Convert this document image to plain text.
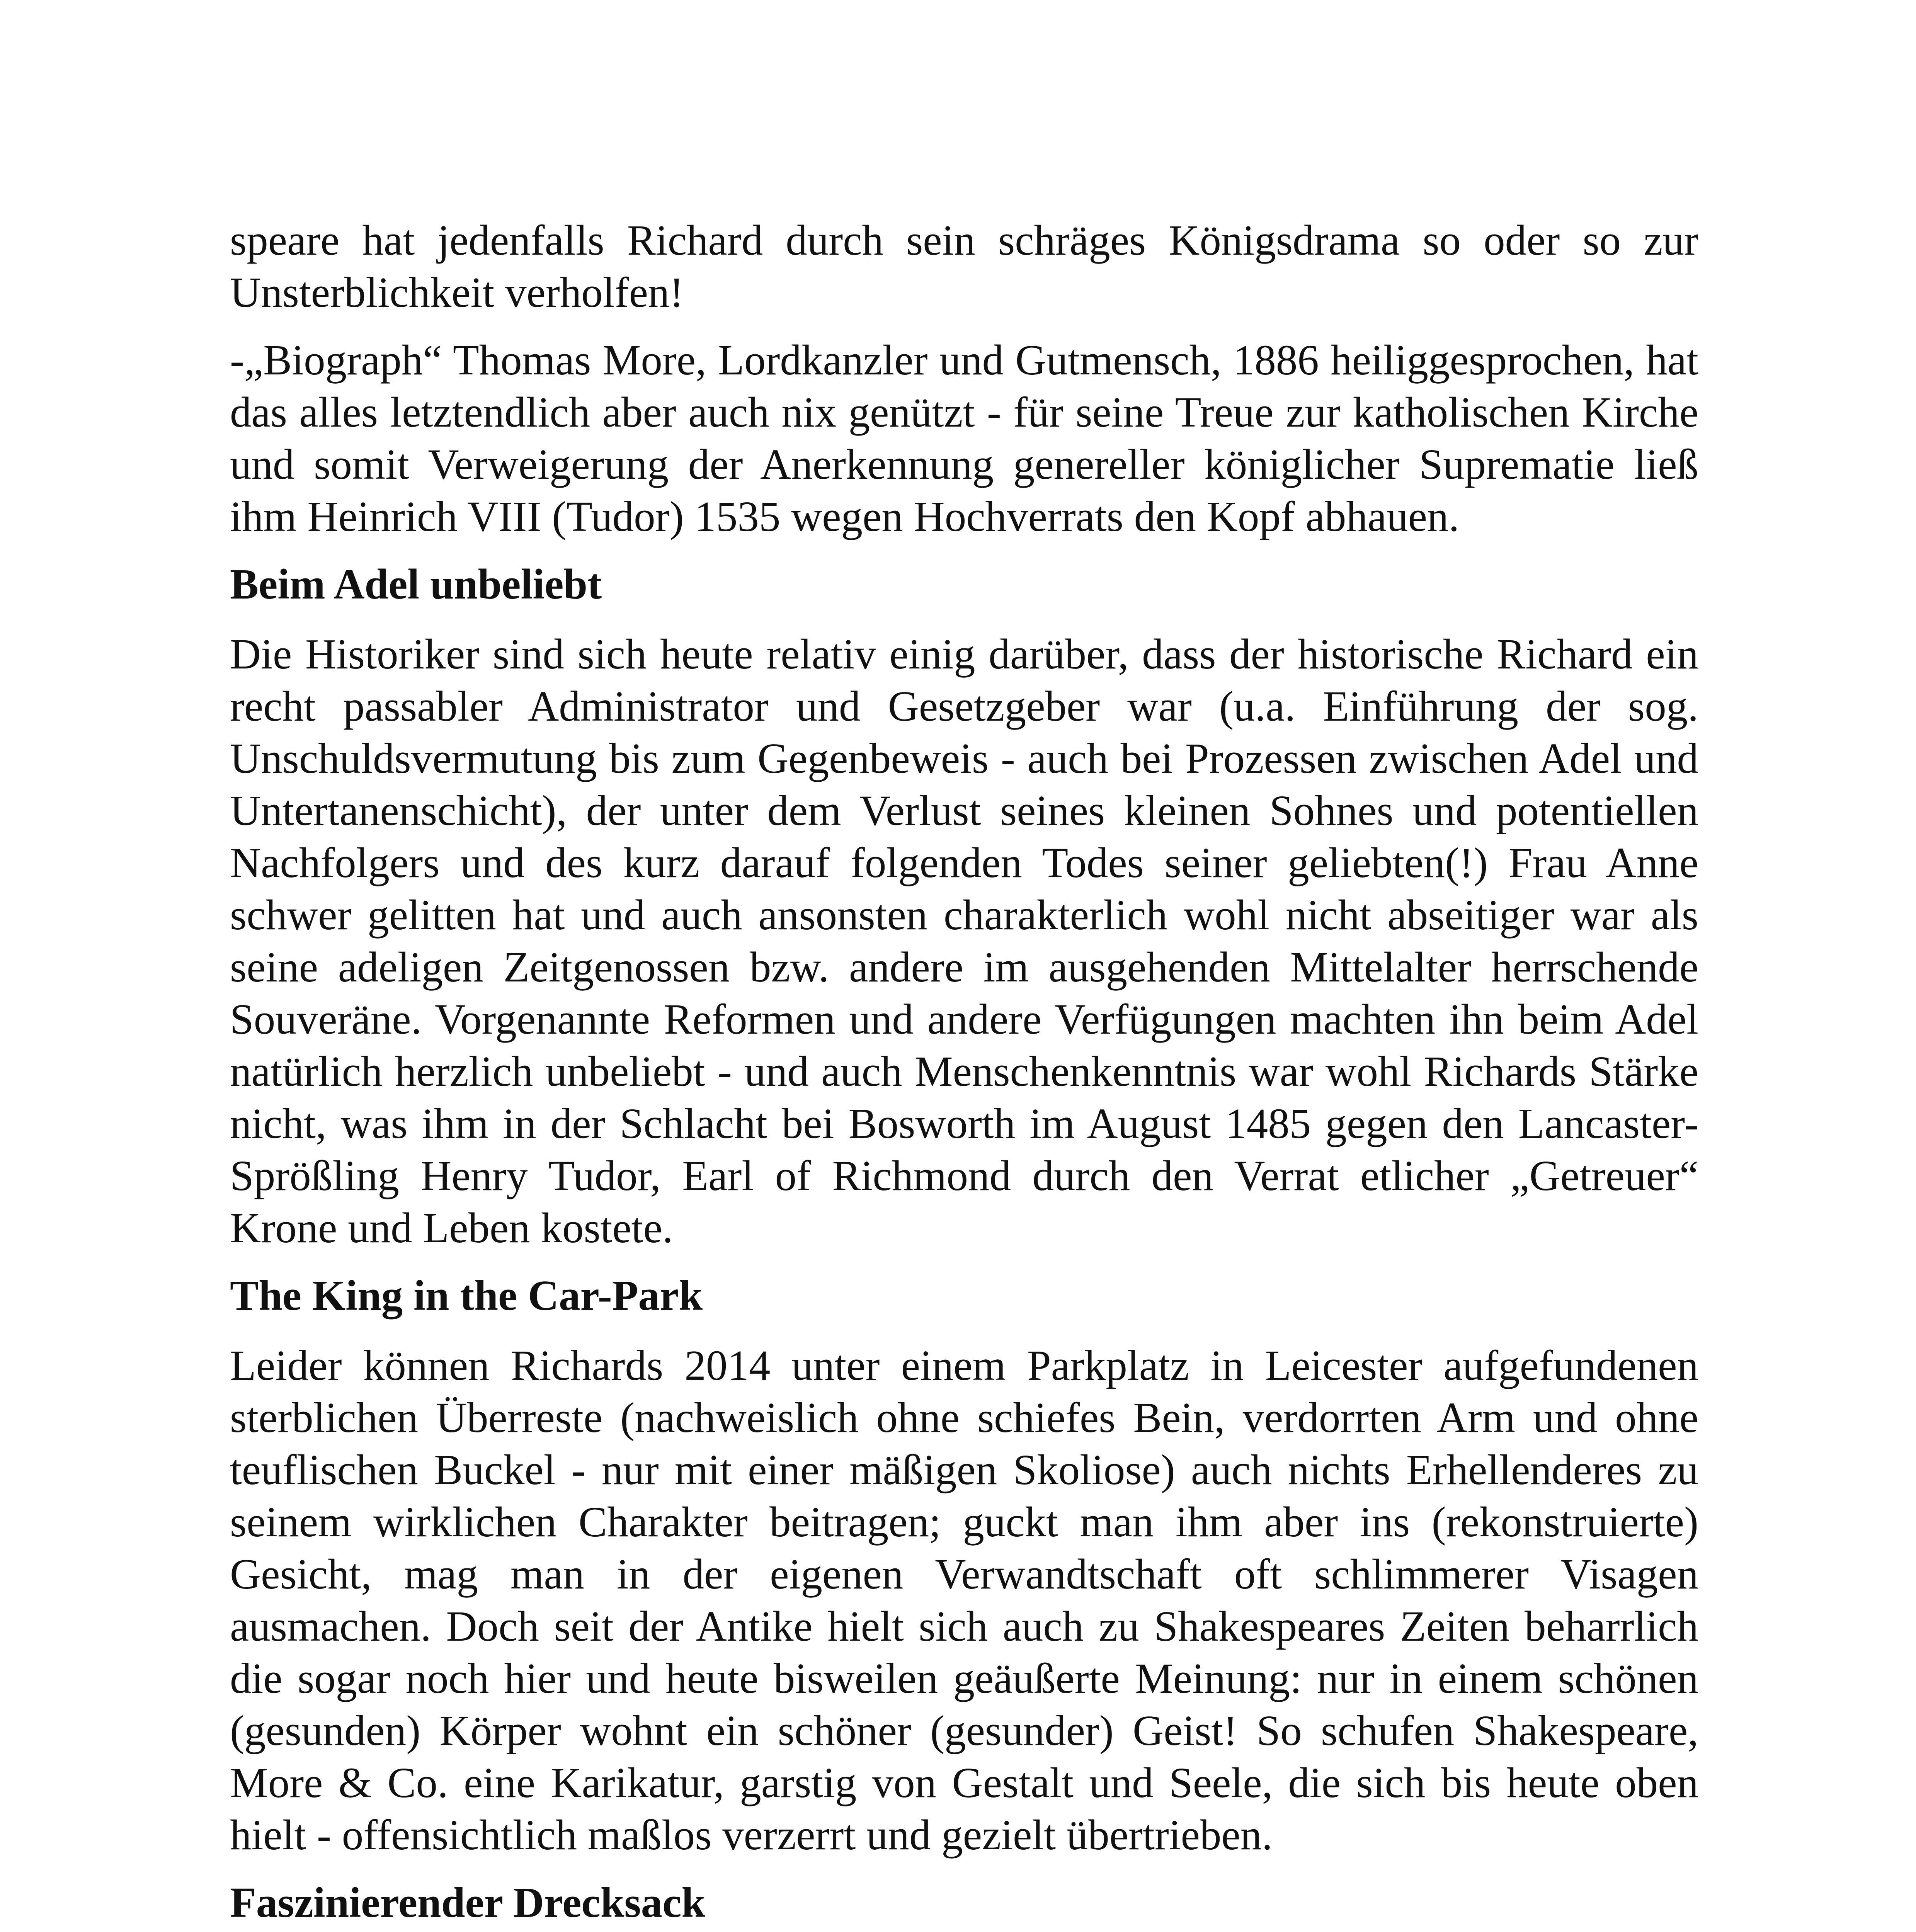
speare hat jedenfalls Richard durch sein schräges Königsdrama so oder so zur Unsterblichkeit verholfen!

-„Biograph“ Thomas More, Lordkanzler und Gutmensch, 1886 heiliggesprochen, hat das alles letztendlich aber auch nix genützt - für seine Treue zur katholischen Kirche und somit Verweigerung der Anerkennung genereller königlicher Suprematie ließ ihm Heinrich VIII (Tudor) 1535 wegen Hochverrats den Kopf abhauen.

Beim Adel unbeliebt

Die Historiker sind sich heute relativ einig darüber, dass der historische Richard ein recht passabler Administrator und Gesetzgeber war (u.a. Einführung der sog. Unschuldsvermutung bis zum Gegenbeweis - auch bei Prozessen zwischen Adel und Untertanenschicht), der unter dem Verlust seines kleinen Sohnes und potentiellen Nachfolgers und des kurz darauf folgenden Todes seiner geliebten(!) Frau Anne schwer gelitten hat und auch ansonsten charakterlich wohl nicht abseitiger war als seine adeligen Zeitgenossen bzw. andere im ausgehenden Mittelalter herrschende Souveräne. Vorgenannte Reformen und andere Verfügungen machten ihn beim Adel natürlich herzlich unbeliebt - und auch Menschenkenntnis war wohl Richards Stärke nicht, was ihm in der Schlacht bei Bosworth im August 1485 gegen den Lancaster-Sprößling Henry Tudor, Earl of Richmond durch den Verrat etlicher „Getreuer“ Krone und Leben kostete.

The King in the Car-Park

Leider können Richards 2014 unter einem Parkplatz in Leicester aufgefundenen sterblichen Überreste (nachweislich ohne schiefes Bein, verdorrten Arm und ohne teuflischen Buckel - nur mit einer mäßigen Skoliose) auch nichts Erhellenderes zu seinem wirklichen Charakter beitragen; guckt man ihm aber ins (rekonstruierte) Gesicht, mag man in der eigenen Verwandtschaft oft schlimmerer Visagen ausmachen. Doch seit der Antike hielt sich auch zu Shakespeares Zeiten beharrlich die sogar noch hier und heute bisweilen geäußerte Meinung: nur in einem schönen (gesunden) Körper wohnt ein schöner (gesunder) Geist! So schufen Shakespeare, More & Co. eine Karikatur, garstig von Gestalt und Seele, die sich bis heute oben hielt - offensichtlich maßlos verzerrt und gezielt übertrieben.

Faszinierender Drecksack
